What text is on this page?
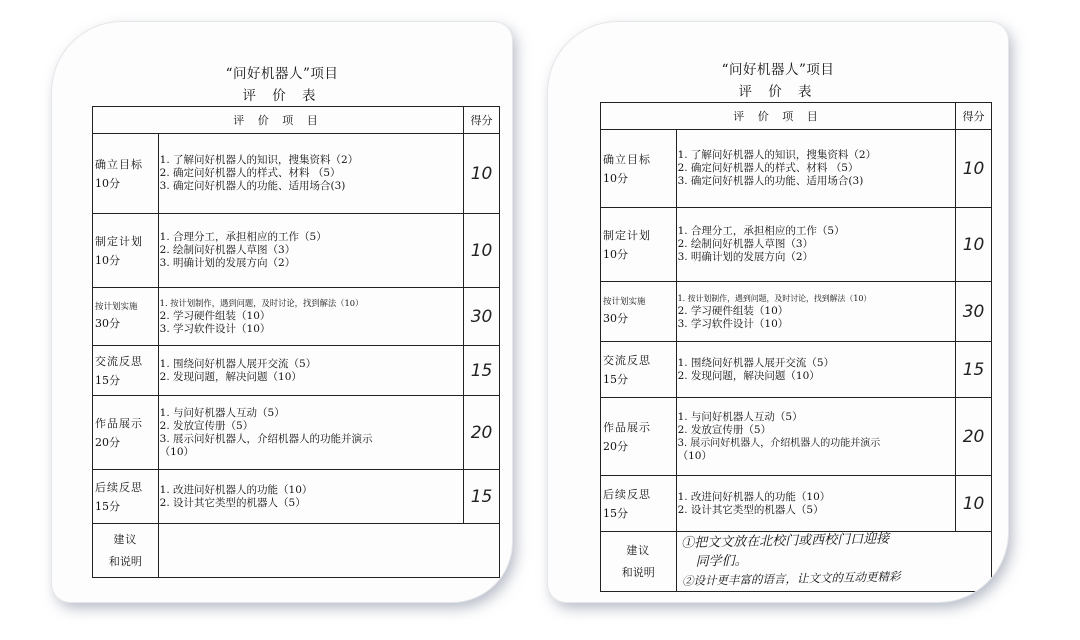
“问好机器人”项目
评 价 表
评 价 项 目		得分

确立目标
10分	1. 了解问好机器人的知识，搜集资料（2）
2. 确定问好机器人的样式、材料 （5）
3. 确定问好机器人的功能、适用场合(3)	10

制定计划
10分	1. 合理分工，承担相应的工作（5）
2. 绘制问好机器人草图（3）
3. 明确计划的发展方向（2）	10

按计划实施
30分	1. 按计划制作，遇到问题，及时讨论，找到解法（10）
2. 学习硬件组装（10）
3. 学习软件设计（10）	30

交流反思
15分	1. 围绕问好机器人展开交流（5）
2. 发现问题，解决问题（10）	15

作品展示
20分	1. 与问好机器人互动（5）
2. 发放宣传册（5）
3. 展示问好机器人，介绍机器人的功能并演示
（10）	20

后续反思
15分	1. 改进问好机器人的功能（10）
2. 设计其它类型的机器人（5）	15

建议
和说明		
“问好机器人”项目
评 价 表
评 价 项 目		得分

确立目标
10分	1. 了解问好机器人的知识，搜集资料（2）
2. 确定问好机器人的样式、材料 （5）
3. 确定问好机器人的功能、适用场合(3)	10

制定计划
10分	1. 合理分工，承担相应的工作（5）
2. 绘制问好机器人草图（3）
3. 明确计划的发展方向（2）	10

按计划实施
30分	1. 按计划制作，遇到问题，及时讨论，找到解法（10）
2. 学习硬件组装（10）
3. 学习软件设计（10）	30

交流反思
15分	1. 围绕问好机器人展开交流（5）
2. 发现问题，解决问题（10）	15

作品展示
20分	1. 与问好机器人互动（5）
2. 发放宣传册（5）
3. 展示问好机器人，介绍机器人的功能并演示
（10）	20

后续反思
15分	1. 改进问好机器人的功能（10）
2. 设计其它类型的机器人（5）	10

建议
和说明	①把文文放在北校门或西校门口迎接
同学们。
②设计更丰富的语言，让文文的互动更精彩	
